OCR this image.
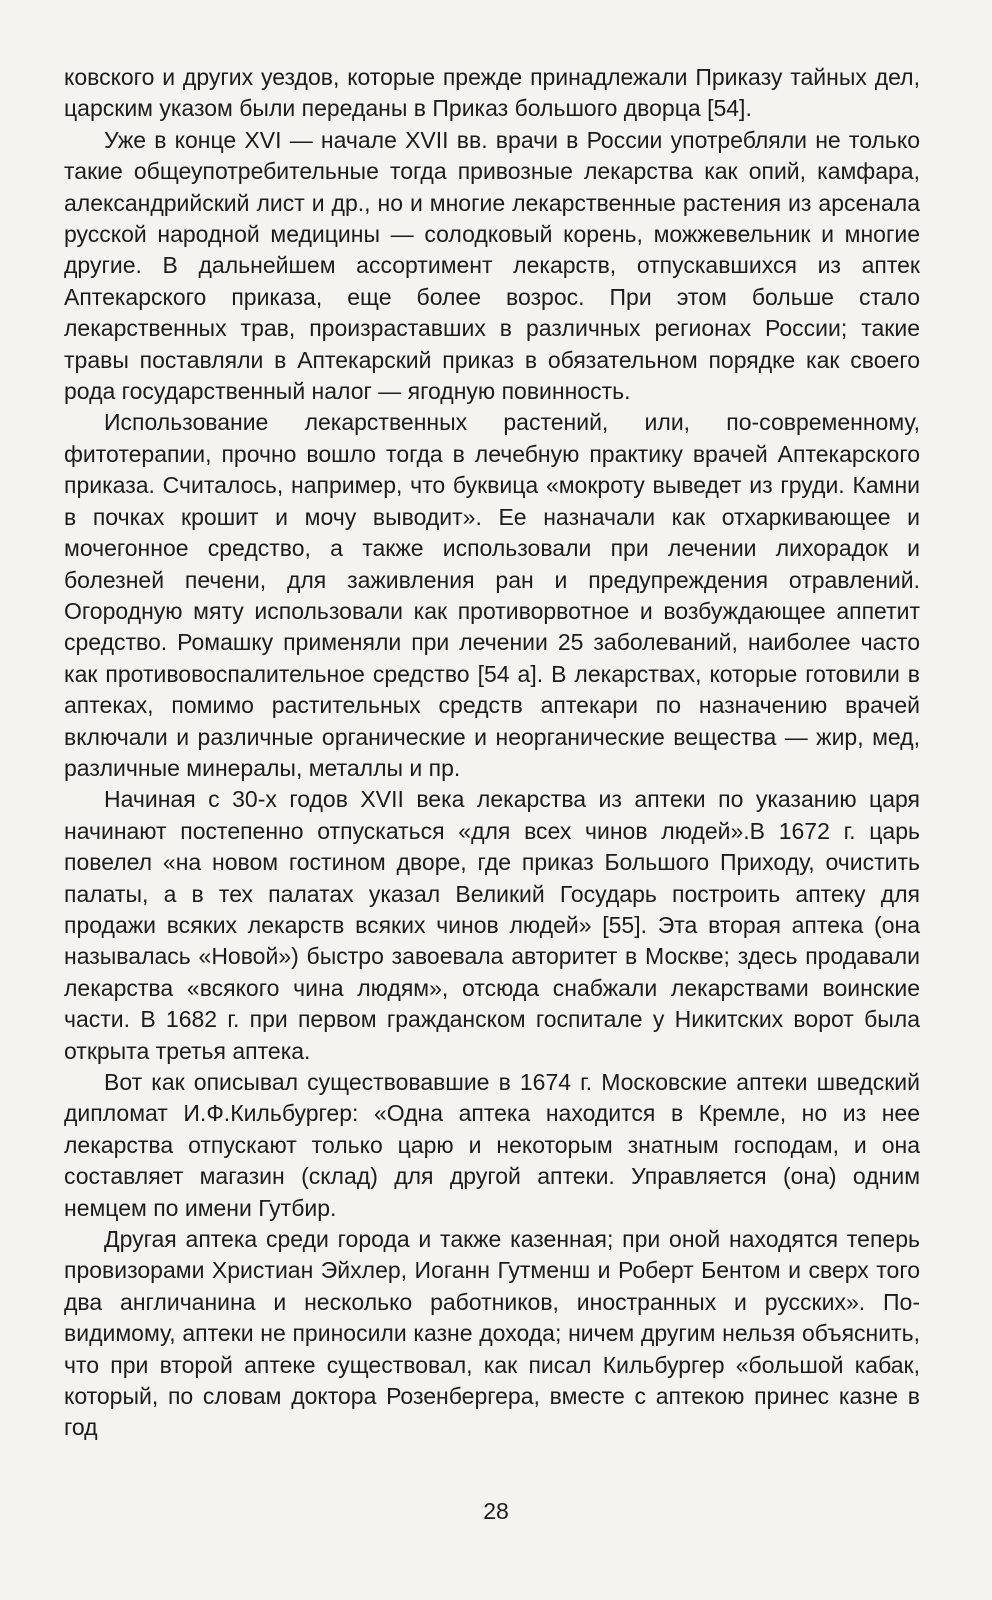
ковского и других уездов, которые прежде принадлежали Приказу тайных дел, царским указом были переданы в Приказ большого дворца [54].

Уже в конце XVI — начале XVII вв. врачи в России употребляли не только такие общеупотребительные тогда привозные лекарства как опий, камфара, александрийский лист и др., но и многие лекарственные растения из арсенала русской народной медицины — солодковый корень, можжевельник и многие другие. В дальнейшем ассортимент лекарств, отпускавшихся из аптек Аптекарского приказа, еще более возрос. При этом больше стало лекарственных трав, произраставших в различных регионах России; такие травы поставляли в Аптекарский приказ в обязательном порядке как своего рода государственный налог — ягодную повинность.

Использование лекарственных растений, или, по-современному, фитотерапии, прочно вошло тогда в лечебную практику врачей Аптекарского приказа. Считалось, например, что буквица «мокроту выведет из груди. Камни в почках крошит и мочу выводит». Ее назначали как отхаркивающее и мочегонное средство, а также использовали при лечении лихорадок и болезней печени, для заживления ран и предупреждения отравлений. Огородную мяту использовали как противорвотное и возбуждающее аппетит средство. Ромашку применяли при лечении 25 заболеваний, наиболее часто как противовоспалительное средство [54 а]. В лекарствах, которые готовили в аптеках, помимо растительных средств аптекари по назначению врачей включали и различные органические и неорганические вещества — жир, мед, различные минералы, металлы и пр.

Начиная с 30-х годов XVII века лекарства из аптеки по указанию царя начинают постепенно отпускаться «для всех чинов людей».В 1672 г. царь повелел «на новом гостином дворе, где приказ Большого Приходу, очистить палаты, а в тех палатах указал Великий Государь построить аптеку для продажи всяких лекарств всяких чинов людей» [55]. Эта вторая аптека (она называлась «Новой») быстро завоевала авторитет в Москве; здесь продавали лекарства «всякого чина людям», отсюда снабжали лекарствами воинские части. В 1682 г. при первом гражданском госпитале у Никитских ворот была открыта третья аптека.

Вот как описывал существовавшие в 1674 г. Московские аптеки шведский дипломат И.Ф.Кильбургер: «Одна аптека находится в Кремле, но из нее лекарства отпускают только царю и некоторым знатным господам, и она составляет магазин (склад) для другой аптеки. Управляется (она) одним немцем по имени Гутбир.

Другая аптека среди города и также казенная; при оной находятся теперь провизорами Христиан Эйхлер, Иоганн Гутменш и Роберт Бентом и сверх того два англичанина и несколько работников, иностранных и русских». По-видимому, аптеки не приносили казне дохода; ничем другим нельзя объяснить, что при второй аптеке существовал, как писал Кильбургер «большой кабак, который, по словам доктора Розенбергера, вместе с аптекою принес казне в год

28
